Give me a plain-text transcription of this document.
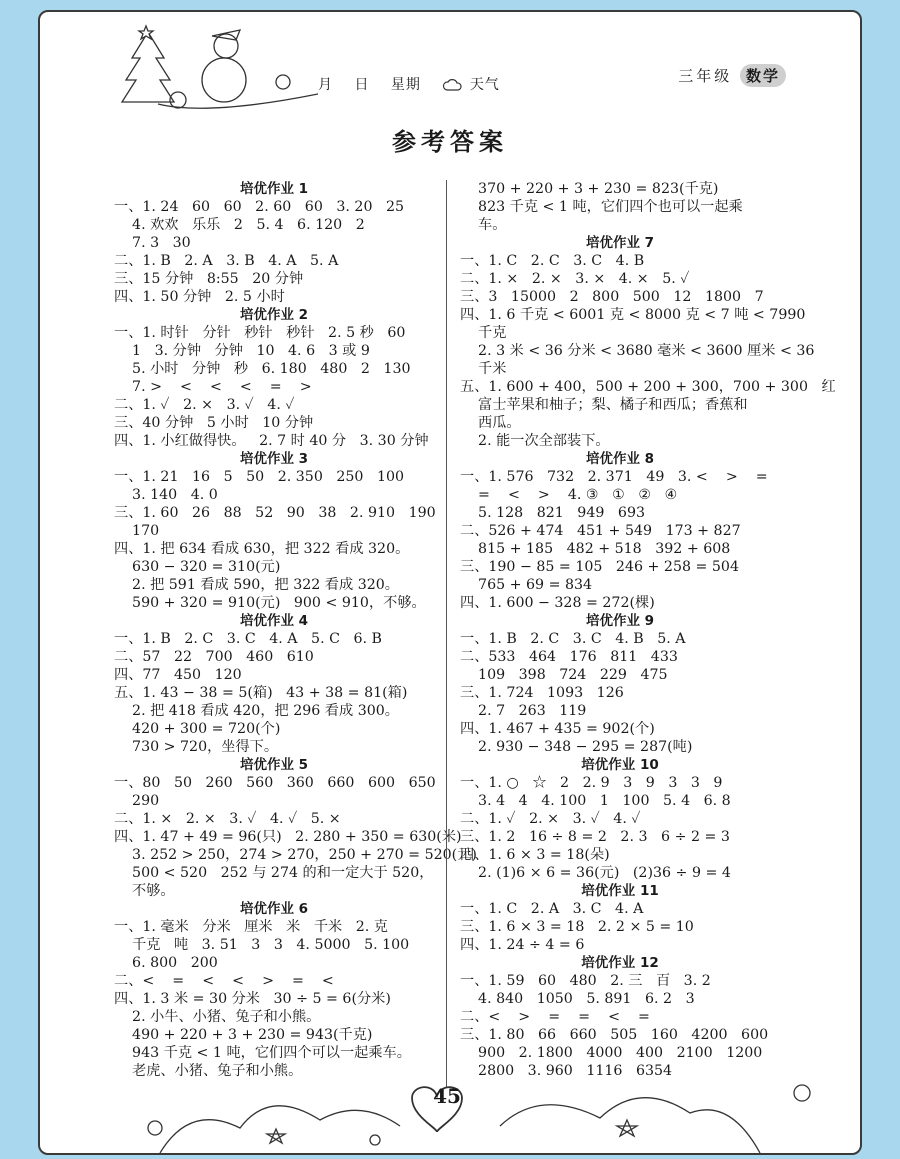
月 日 星期	天气	三年级 数学
参考答案
培优作业 1
一、1. 24   60   60   2. 60   60   3. 20   25
4. 欢欢   乐乐   2   5. 4   6. 120   2
7. 3   30
二、1. B   2. A   3. B   4. A   5. A
三、15 分钟   8:55   20 分钟
四、1. 50 分钟   2. 5 小时
培优作业 2
一、1. 时针   分针   秒针   秒针   2. 5 秒   60
1   3. 分钟   分钟   10   4. 6   3 或 9
5. 小时   分钟   秒   6. 180   480   2   130
7. >    <    <    <    =    >
二、1. ✓   2. ×   3. ✓   4. ✓
三、40 分钟   5 小时   10 分钟
四、1. 小红做得快。   2. 7 时 40 分   3. 30 分钟
培优作业 3
一、1. 21   16   5   50   2. 350   250   100
3. 140   4. 0
三、1. 60   26   88   52   90   38   2. 910   190
170
四、1. 把 634 看成 630，把 322 看成 320。
630 − 320 = 310(元)
2. 把 591 看成 590，把 322 看成 320。
590 + 320 = 910(元)   900 < 910，不够。
培优作业 4
一、1. B   2. C   3. C   4. A   5. C   6. B
二、57   22   700   460   610
四、77   450   120
五、1. 43 − 38 = 5(箱)   43 + 38 = 81(箱)
2. 把 418 看成 420，把 296 看成 300。
420 + 300 = 720(个)
730 > 720，坐得下。
培优作业 5
一、80   50   260   560   360   660   600   650
290
二、1. ×   2. ×   3. ✓   4. ✓   5. ×
四、1. 47 + 49 = 96(只)   2. 280 + 350 = 630(米)
3. 252 > 250，274 > 270，250 + 270 = 520(元)
500 < 520   252 与 274 的和一定大于 520，
不够。
培优作业 6
一、1. 毫米   分米   厘米   米   千米   2. 克
千克   吨   3. 51   3   3   4. 5000   5. 100
6. 800   200
二、<    =    <    <    >    =    <
四、1. 3 米 = 30 分米   30 ÷ 5 = 6(分米)
2. 小牛、小猪、兔子和小熊。
490 + 220 + 3 + 230 = 943(千克)
943 千克 < 1 吨，它们四个可以一起乘车。
老虎、小猪、兔子和小熊。
370 + 220 + 3 + 230 = 823(千克)
823 千克 < 1 吨，它们四个也可以一起乘
车。
培优作业 7
一、1. C   2. C   3. C   4. B
二、1. ×   2. ×   3. ×   4. ×   5. ✓
三、3   15000   2   800   500   12   1800   7
四、1. 6 千克 < 6001 克 < 8000 克 < 7 吨 < 7990
千克
2. 3 米 < 36 分米 < 3680 毫米 < 3600 厘米 < 36
千米
五、1. 600 + 400，500 + 200 + 300，700 + 300   红
富士苹果和柚子；梨、橘子和西瓜；香蕉和
西瓜。
2. 能一次全部装下。
培优作业 8
一、1. 576   732   2. 371   49   3. <    >    =
=    <    >    4. ③   ①   ②   ④
5. 128   821   949   693
二、526 + 474   451 + 549   173 + 827
815 + 185   482 + 518   392 + 608
三、190 − 85 = 105   246 + 258 = 504
765 + 69 = 834
四、1. 600 − 328 = 272(棵)
培优作业 9
一、1. B   2. C   3. C   4. B   5. A
二、533   464   176   811   433
109   398   724   229   475
三、1. 724   1093   126
2. 7   263   119
四、1. 467 + 435 = 902(个)
2. 930 − 348 − 295 = 287(吨)
培优作业 10
一、1. ○   ☆   2   2. 9   3   9   3   3   9
3. 4   4   4. 100   1   100   5. 4   6. 8
二、1. ✓   2. ×   3. ✓   4. ✓
三、1. 2   16 ÷ 8 = 2   2. 3   6 ÷ 2 = 3
四、1. 6 × 3 = 18(朵)
2. (1)6 × 6 = 36(元)   (2)36 ÷ 9 = 4
培优作业 11
一、1. C   2. A   3. C   4. A
三、1. 6 × 3 = 18   2. 2 × 5 = 10
四、1. 24 ÷ 4 = 6
培优作业 12
一、1. 59   60   480   2. 三   百   3. 2
4. 840   1050   5. 891   6. 2   3
二、<    >    =    =    <    =
三、1. 80   66   660   505   160   4200   600
900   2. 1800   4000   400   2100   1200
2800   3. 960   1116   6354
45
